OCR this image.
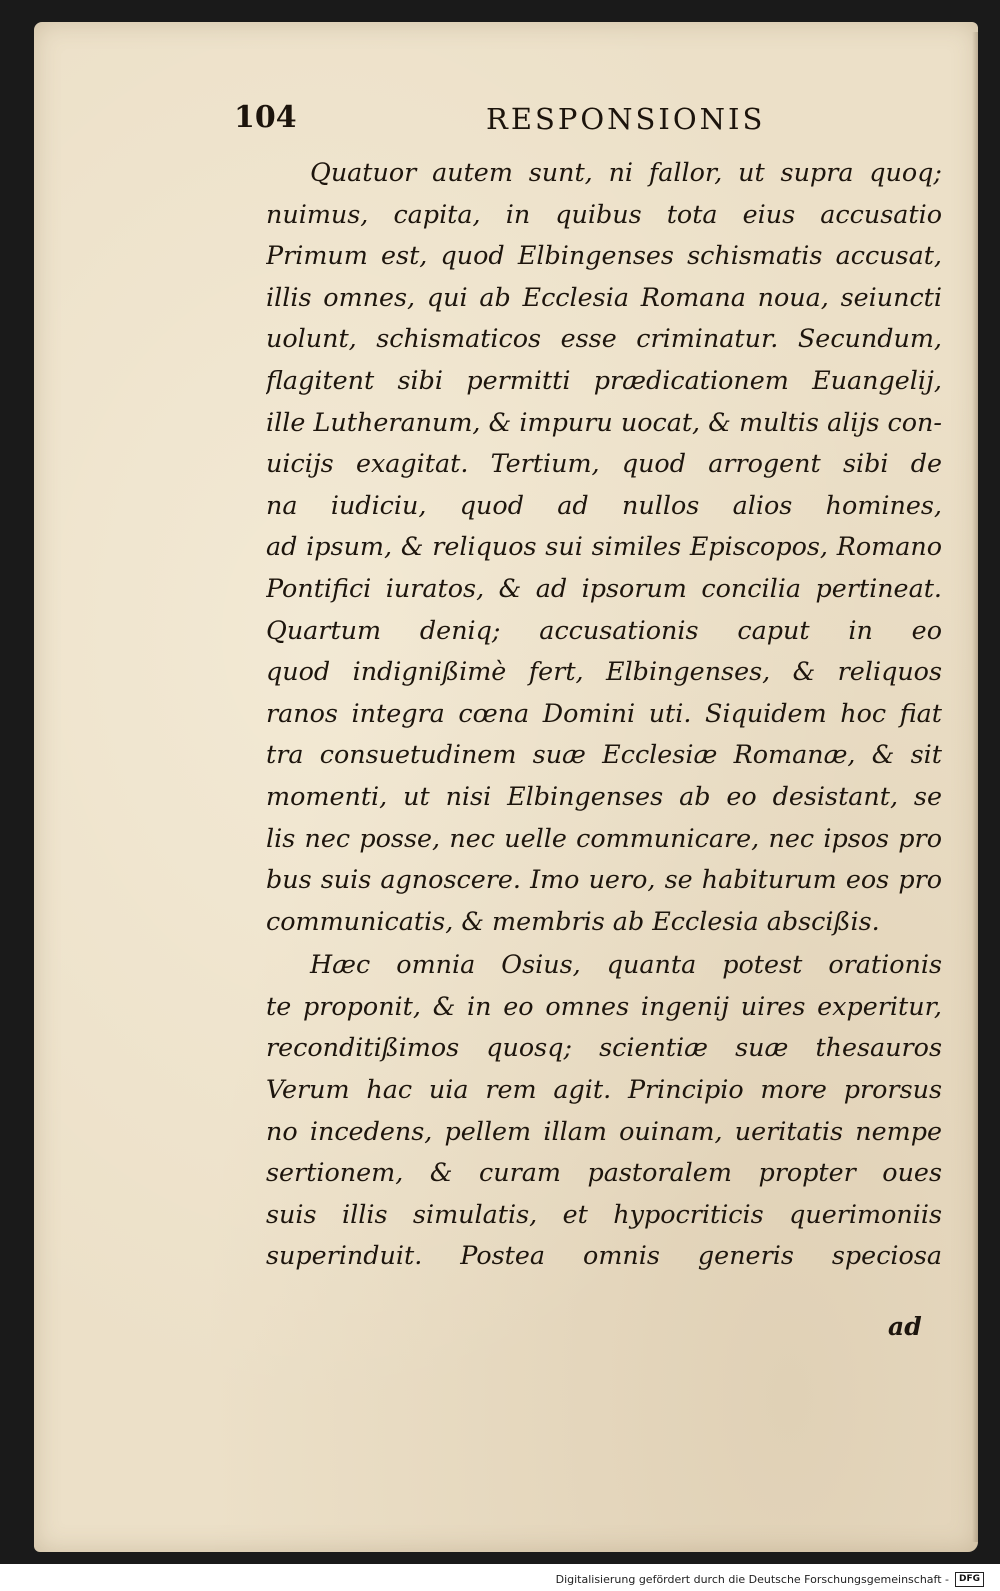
104	RESPONSIONIS
Quatuor autem sunt, ni fallor, ut supra quoq;
nuimus, capita, in quibus tota eius accusatio
Primum est, quod Elbingenses schismatis accusat,
illis omnes, qui ab Ecclesia Romana noua, seiuncti
uolunt, schismaticos esse criminatur. Secundum,
flagitent sibi permitti prædicationem Euangelij,
ille Lutheranum, & impuru uocat, & multis alijs con-
uicijs exagitat. Tertium, quod arrogent sibi de
na iudiciu, quod ad nullos alios homines,
ad ipsum, & reliquos sui similes Episcopos, Romano
Pontifici iuratos, & ad ipsorum concilia pertineat.
Quartum deniq; accusationis caput in eo
quod indignißimè fert, Elbingenses, & reliquos
ranos integra cœna Domini uti. Siquidem hoc fiat
tra consuetudinem suæ Ecclesiæ Romanæ, & sit
momenti, ut nisi Elbingenses ab eo desistant, se
lis nec posse, nec uelle communicare, nec ipsos pro
bus suis agnoscere. Imo uero, se habiturum eos pro
communicatis, & membris ab Ecclesia abscißis.
Hæc omnia Osius, quanta potest orationis
te proponit, & in eo omnes ingenij uires experitur,
reconditißimos quosq; scientiæ suæ thesauros
Verum hac uia rem agit. Principio more prorsus
no incedens, pellem illam ouinam, ueritatis nempe
sertionem, & curam pastoralem propter oues
suis illis simulatis, et hypocriticis querimoniis
superinduit. Postea omnis generis speciosa
ad
Digitalisierung gefördert durch die Deutsche Forschungsgemeinschaft -	DFG
